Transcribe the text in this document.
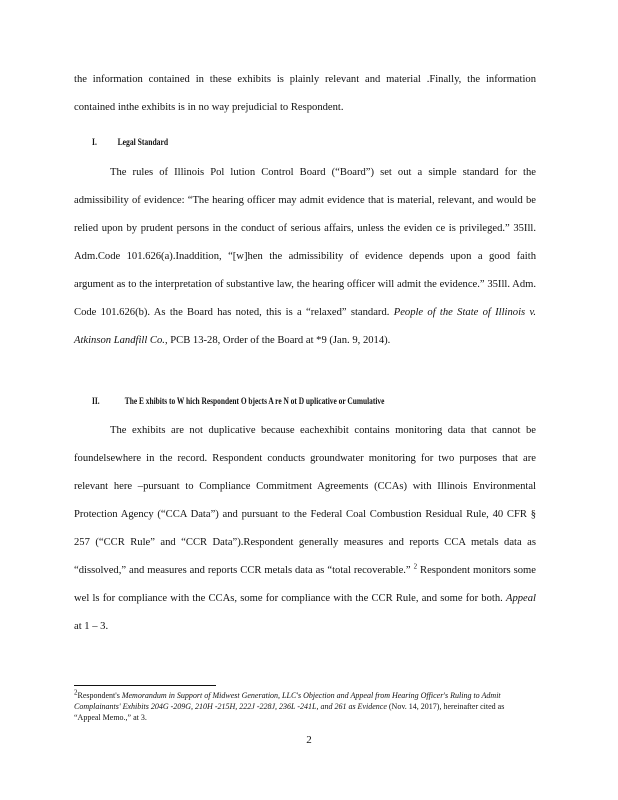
the information contained in these exhibits is plainly relevant and material .Finally, the information contained inthe exhibits is in no way prejudicial to Respondent.

I. Legal Standard

The rules of Illinois Pol lution Control Board (“Board”) set out a simple standard for the admissibility of evidence: “The hearing officer may admit evidence that is material, relevant, and would be relied upon by prudent persons in the conduct of serious affairs, unless the eviden ce is privileged.” 35Ill. Adm.Code 101.626(a).Inaddition, “[w]hen the admissibility of evidence depends upon a good faith argument as to the interpretation of substantive law, the hearing officer will admit the evidence.” 35Ill. Adm. Code 101.626(b). As the Board has noted, this is a “relaxed” standard. People of the State of Illinois v. Atkinson Landfill Co., PCB 13-28, Order of the Board at *9 (Jan. 9, 2014).

II.	The E xhibits to W hich Respondent O bjects A re N ot D uplicative or Cumulative

The exhibits are not duplicative because eachexhibit contains monitoring data that cannot be foundelsewhere in the record. Respondent conducts groundwater monitoring for two purposes that are relevant here –pursuant to Compliance Commitment Agreements (CCAs) with Illinois Environmental Protection Agency (“CCA Data”) and pursuant to the Federal Coal Combustion Residual Rule, 40 CFR § 257 (“CCR Rule” and “CCR Data”).Respondent generally measures and reports CCA metals data as “dissolved,” and measures and reports CCR metals data as “total recoverable.” $^2$ Respondent monitors some wel ls for compliance with the CCAs, some for compliance with the CCR Rule, and some for both. Appeal at 1 – 3.

$^2$Respondent's Memorandum in Support of Midwest Generation, LLC's Objection and Appeal from Hearing Officer's Ruling to Admit Complainants' Exhibits 204G -209G, 210H -215H, 222J -228J, 236L -241L, and 261 as Evidence (Nov. 14, 2017), hereinafter cited as “Appeal Memo.,” at 3.
2
